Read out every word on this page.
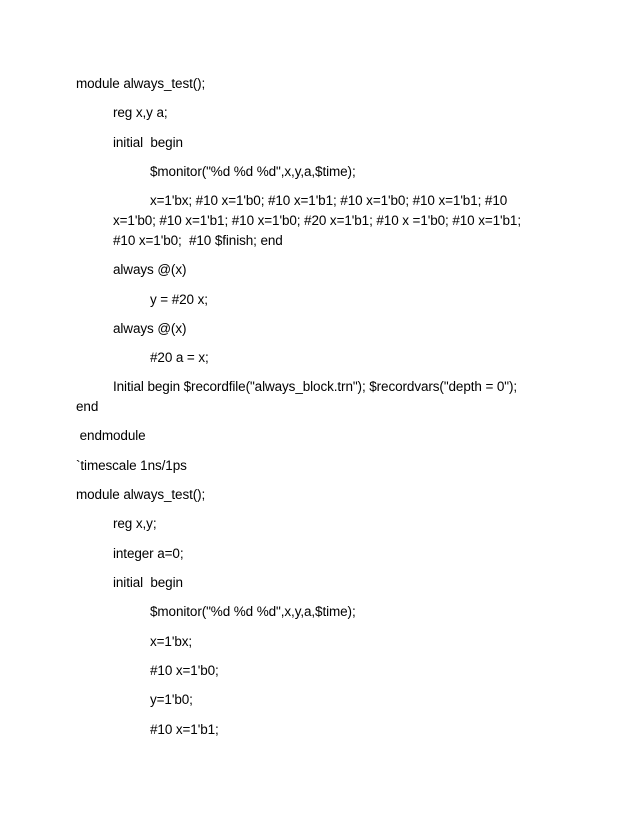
module always_test();
reg x,y a;
initial  begin
$monitor("%d %d %d",x,y,a,$time);
x=1'bx; #10 x=1'b0; #10 x=1'b1; #10 x=1'b0; #10 x=1'b1; #10
x=1'b0; #10 x=1'b1; #10 x=1'b0; #20 x=1'b1; #10 x =1'b0; #10 x=1'b1;
#10 x=1'b0;  #10 $finish; end
always @(x)
y = #20 x;
always @(x)
#20 a = x;
Initial begin $recordfile("always_block.trn"); $recordvars("depth = 0");
end
endmodule
`timescale 1ns/1ps
module always_test();
reg x,y;
integer a=0;
initial  begin
$monitor("%d %d %d",x,y,a,$time);
x=1'bx;
#10 x=1'b0;
y=1'b0;
#10 x=1'b1;
